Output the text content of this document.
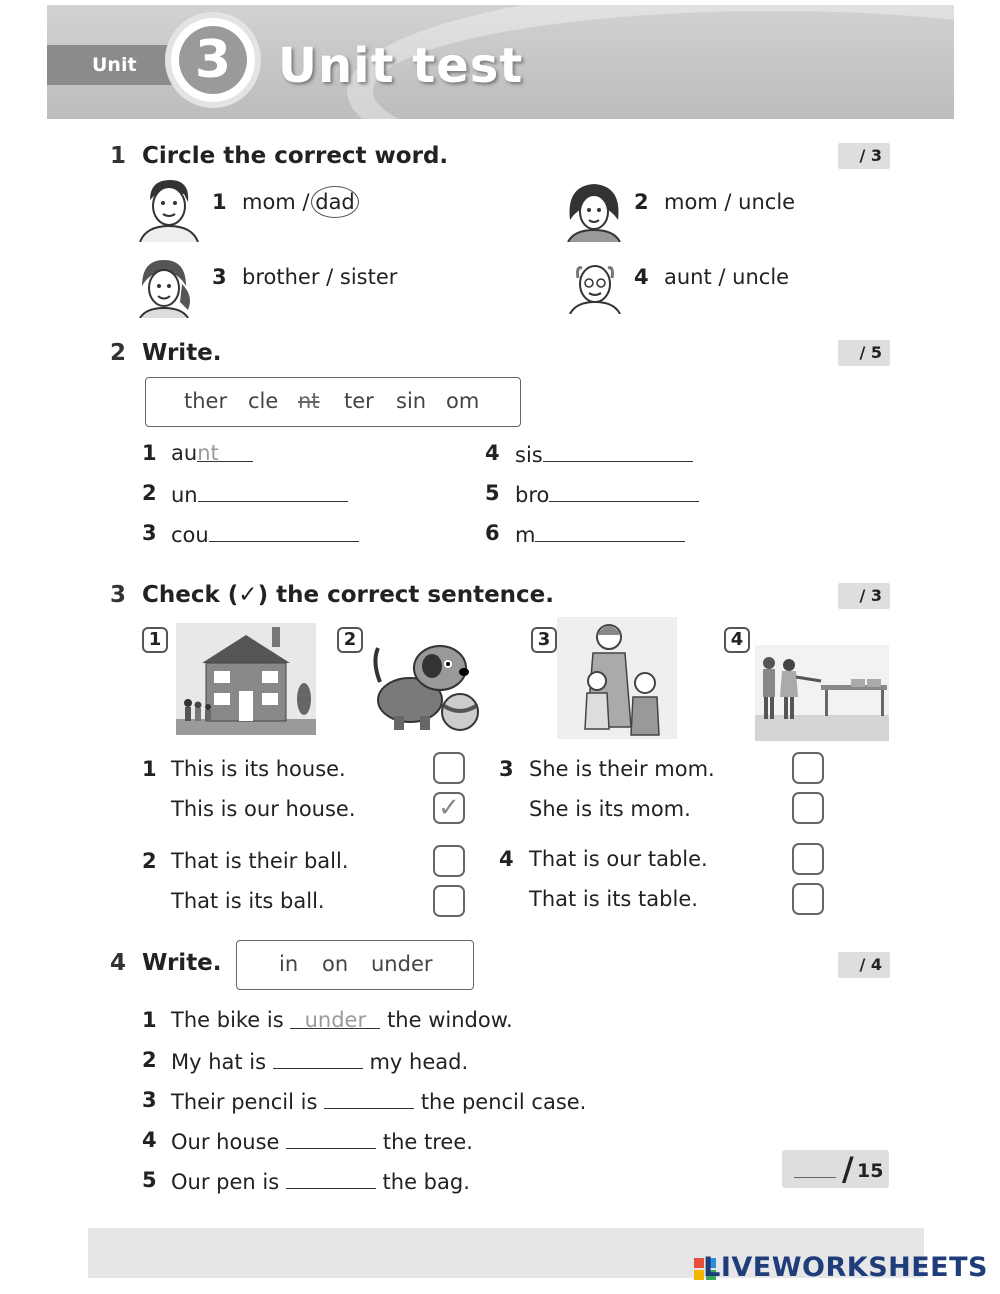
Unit	3 Unit test
1 Circle the correct word.	/ 3
1 mom / dad	2 mom / uncle
3 brother / sister	4 aunt / uncle
2 Write.	/ 5
ther cle nt ter sin om
1 aunt
2 un
3 cou
4 sis
5 bro
6 m
3 Check (✓) the correct sentence.	/ 3
1	2	3	4
1 This is its house.
This is our house.	✓
2 That is their ball.
That is its ball.
3 She is their mom.
She is its mom.
4 That is our table.
That is its table.
4 Write.	in on under	/ 4
1 The bike is under the window.
2 My hat is	my head.
3 Their pencil is	the pencil case.
4 Our house	the tree.
5 Our pen is	the bag.	/ 15
LIVEWORKSHEETS
